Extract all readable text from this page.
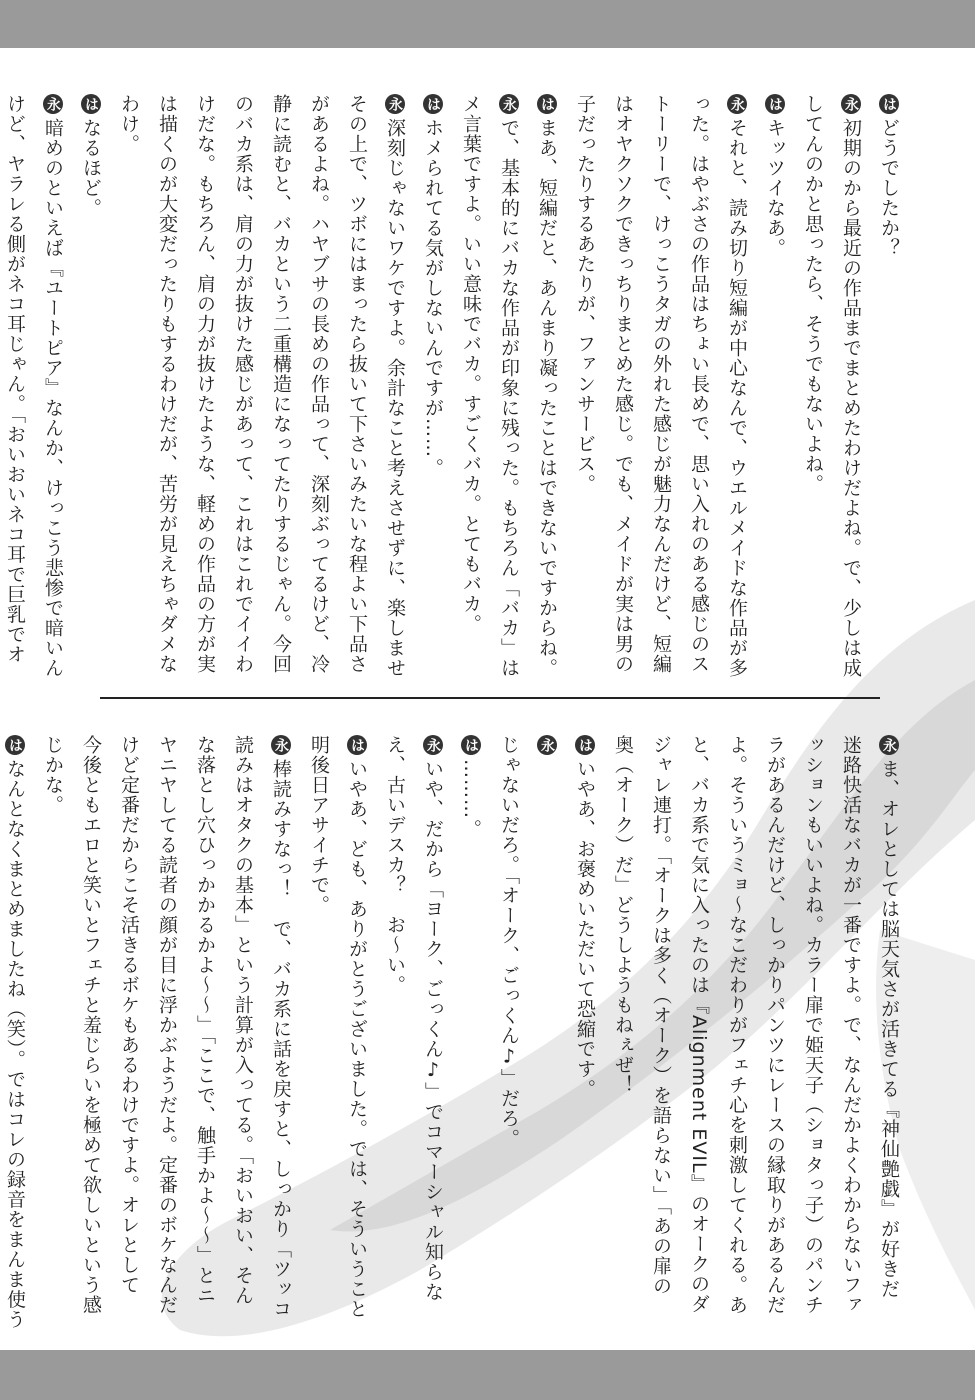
はどうでしたか？
永初期のから最近の作品までまとめたわけだよね。で、少しは成
してんのかと思ったら、そうでもないよね。
はキッツイなあ。
永それと、読み切り短編が中心なんで、ウエルメイドな作品が多
った。はやぶさの作品はちょい長めで、思い入れのある感じのス
トーリーで、けっこうタガの外れた感じが魅力なんだけど、短編
はオヤクソクできっちりまとめた感じ。でも、メイドが実は男の
子だったりするあたりが、ファンサービス。
はまあ、短編だと、あんまり凝ったことはできないですからね。
永で、基本的にバカな作品が印象に残った。もちろん「バカ」は
メ言葉ですよ。いい意味でバカ。すごくバカ。とてもバカ。
はホメられてる気がしないんですが……。
永深刻じゃないワケですよ。余計なこと考えさせずに、楽しませ
その上で、ツボにはまったら抜いて下さいみたいな程よい下品さ
があるよね。ハヤブサの長めの作品って、深刻ぶってるけど、冷
静に読むと、バカという二重構造になってたりするじゃん。今回
のバカ系は、肩の力が抜けた感じがあって、これはこれでイイわ
けだな。もちろん、肩の力が抜けたような、軽めの作品の方が実
は描くのが大変だったりもするわけだが、苦労が見えちゃダメな
わけ。
はなるほど。
永暗めのといえば『ユートピア』なんか、けっこう悲惨で暗いん
けど、ヤラレる側がネコ耳じゃん。「おいおいネコ耳で巨乳でオ
永ま、オレとしては脳天気さが活きてる『神仙艶戯』が好きだ
迷路快活なバカが一番ですよ。で、なんだかよくわからないファ
ッションもいいよね。カラー扉で姫天子（ショタっ子）のパンチ
ラがあるんだけど、しっかりパンツにレースの縁取りがあるんだ
よ。そういうミョ〜なこだわりがフェチ心を刺激してくれる。あ
と、バカ系で気に入ったのは『Alignment EVIL』のオークのダ
ジャレ連打。「オークは多く（オーク）を語らない」「あの扉の
奥（オーク）だ」どうしようもねぇぜ！
はいやあ、お褒めいただいて恐縮です。
永
じゃないだろ。「オーク、ごっくん♪」だろ。
は………。
永いや、だから「ヨーク、ごっくん♪」でコマーシャル知らな
え、古いデスカ？　お〜い。
はいやあ、ども、ありがとうございました。では、そういうこと
明後日アサイチで。
永棒読みすなっ！　で、バカ系に話を戻すと、しっかり「ツッコ
読みはオタクの基本」という計算が入ってる。「おいおい、そん
な落とし穴ひっかかるかよ〜〜」「ここで、触手かよ〜〜」とニ
ヤニヤしてる読者の顔が目に浮かぶようだよ。定番のボケなんだ
けど定番だからこそ活きるボケもあるわけですよ。オレとして
今後ともエロと笑いとフェチと羞じらいを極めて欲しいという感
じかな。
はなんとなくまとめましたね（笑）。ではコレの録音をまんま使う
